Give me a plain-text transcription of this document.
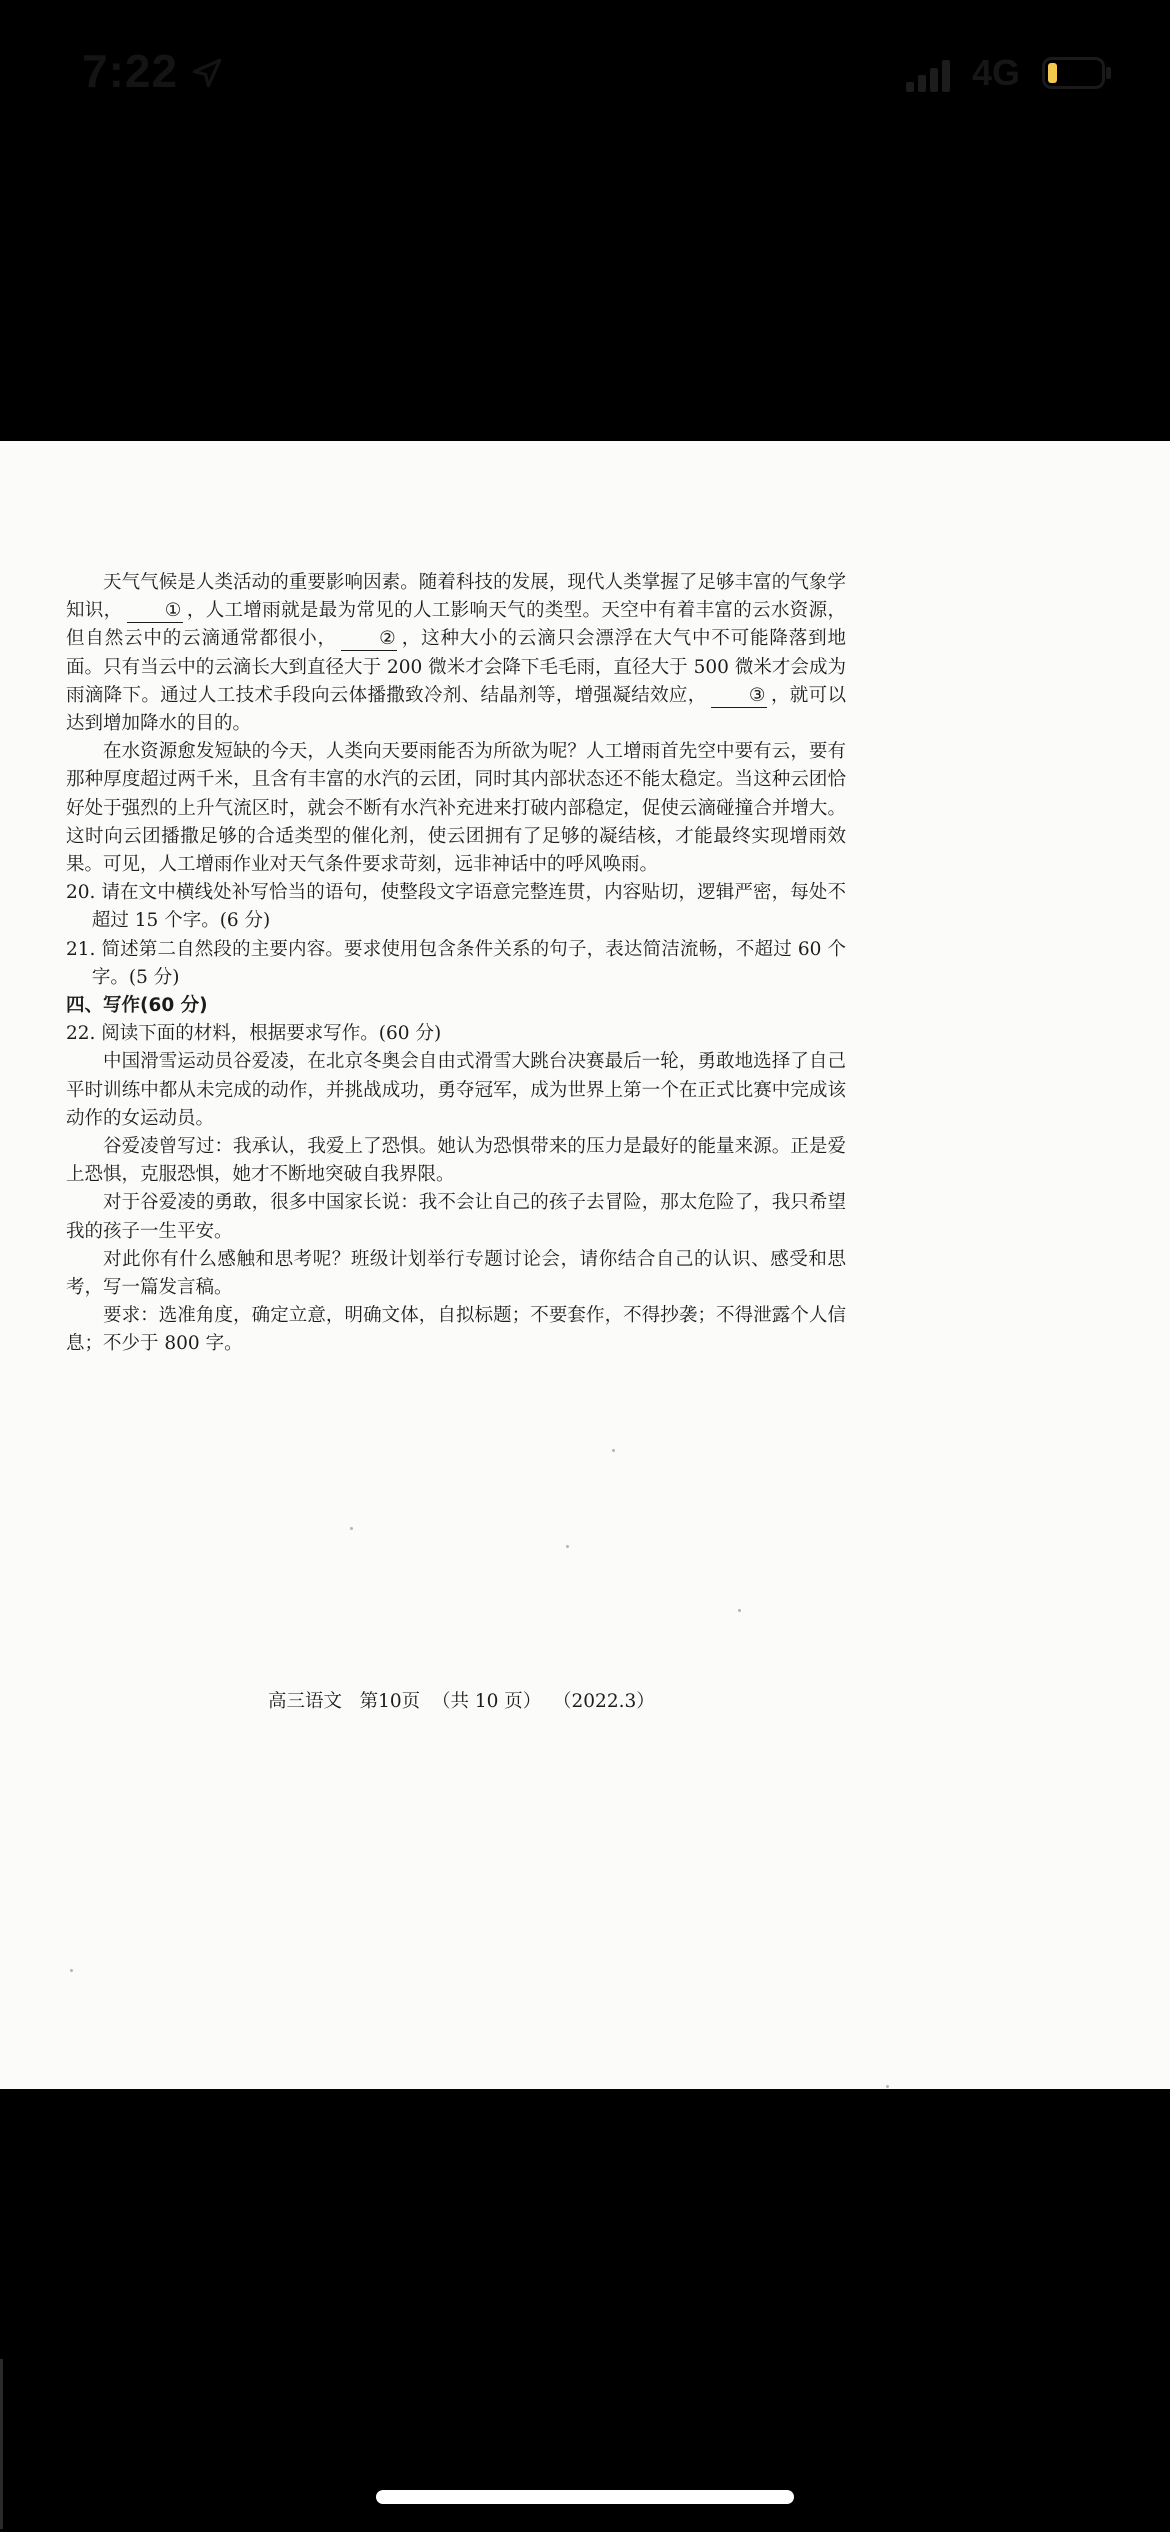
7:22	4G

天气气候是人类活动的重要影响因素。随着科技的发展，现代人类掌握了足够丰富的气象学知识， ① ，人工增雨就是最为常见的人工影响天气的类型。天空中有着丰富的云水资源，但自然云中的云滴通常都很小， ② ，这种大小的云滴只会漂浮在大气中不可能降落到地面。只有当云中的云滴长大到直径大于 200 微米才会降下毛毛雨，直径大于 500 微米才会成为雨滴降下。通过人工技术手段向云体播撒致冷剂、结晶剂等，增强凝结效应， ③ ，就可以达到增加降水的目的。

在水资源愈发短缺的今天，人类向天要雨能否为所欲为呢？人工增雨首先空中要有云，要有那种厚度超过两千米，且含有丰富的水汽的云团，同时其内部状态还不能太稳定。当这种云团恰好处于强烈的上升气流区时，就会不断有水汽补充进来打破内部稳定，促使云滴碰撞合并增大。这时向云团播撒足够的合适类型的催化剂，使云团拥有了足够的凝结核，才能最终实现增雨效果。可见，人工增雨作业对天气条件要求苛刻，远非神话中的呼风唤雨。

20. 请在文中横线处补写恰当的语句，使整段文字语意完整连贯，内容贴切，逻辑严密，每处不超过 15 个字。(6 分)

21. 简述第二自然段的主要内容。要求使用包含条件关系的句子，表达简洁流畅，不超过 60 个字。(5 分)

四、写作(60 分)

22. 阅读下面的材料，根据要求写作。(60 分)

中国滑雪运动员谷爱凌，在北京冬奥会自由式滑雪大跳台决赛最后一轮，勇敢地选择了自己平时训练中都从未完成的动作，并挑战成功，勇夺冠军，成为世界上第一个在正式比赛中完成该动作的女运动员。

谷爱凌曾写过：我承认，我爱上了恐惧。她认为恐惧带来的压力是最好的能量来源。正是爱上恐惧，克服恐惧，她才不断地突破自我界限。

对于谷爱凌的勇敢，很多中国家长说：我不会让自己的孩子去冒险，那太危险了，我只希望我的孩子一生平安。

对此你有什么感触和思考呢？班级计划举行专题讨论会，请你结合自己的认识、感受和思考，写一篇发言稿。

要求：选准角度，确定立意，明确文体，自拟标题；不要套作，不得抄袭；不得泄露个人信息；不少于 800 字。

高三语文   第10页  （共 10 页）  （2022.3）
